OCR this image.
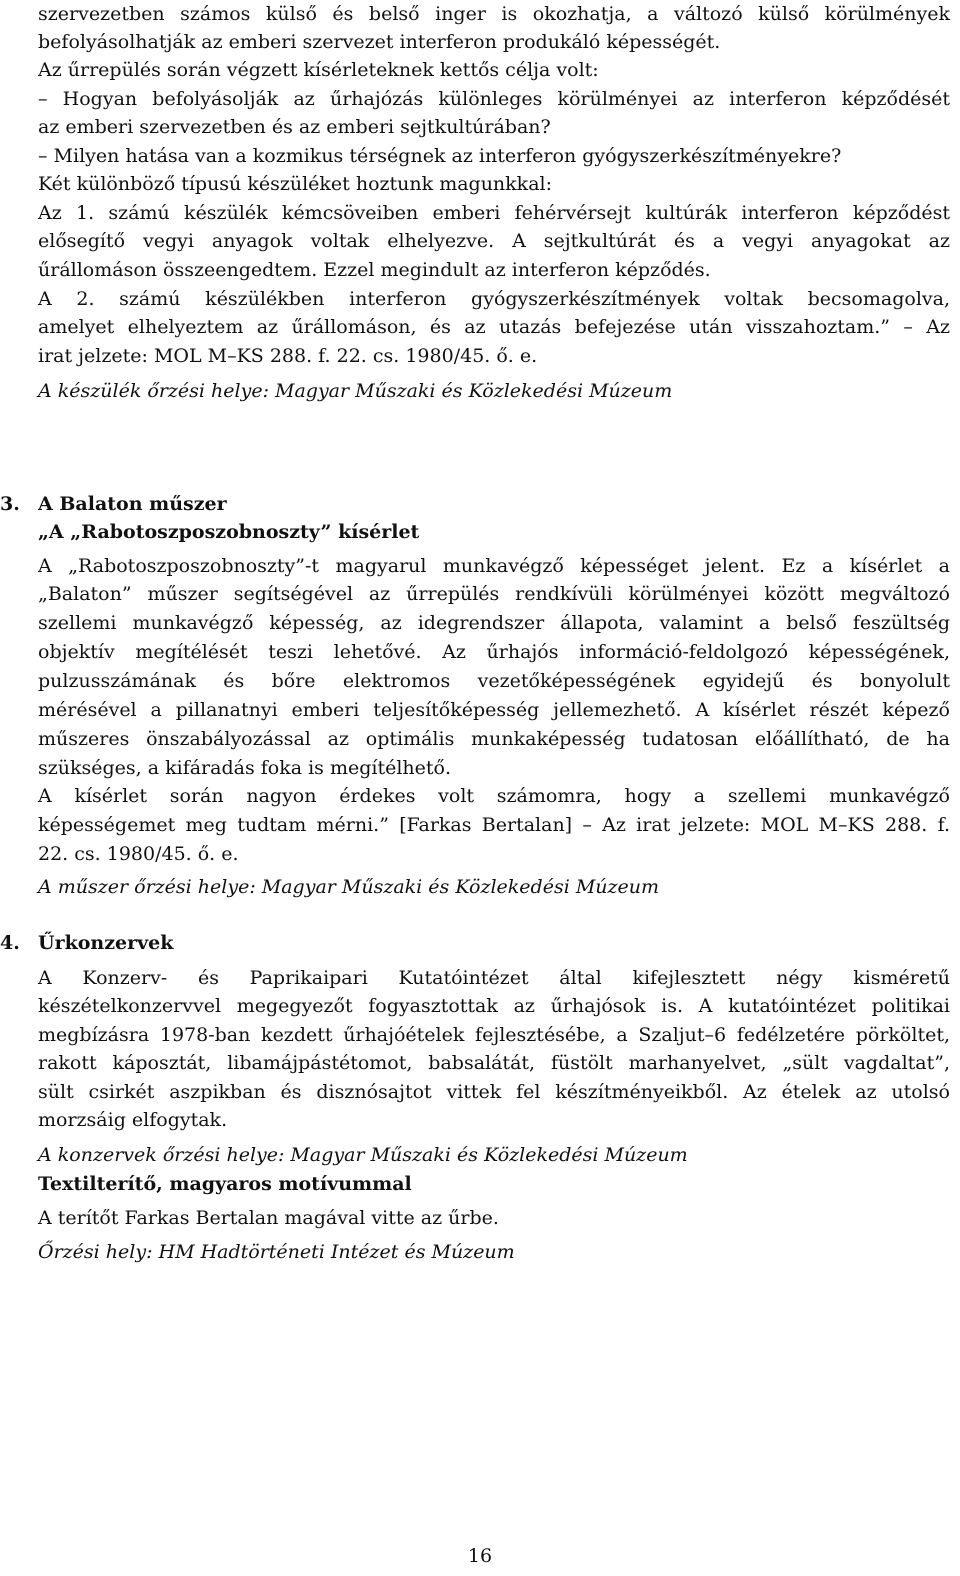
szervezetben számos külső és belső inger is okozhatja, a változó külső körülmények
befolyásolhatják az emberi szervezet interferon produkáló képességét.
Az űrrepülés során végzett kísérleteknek kettős célja volt:
– Hogyan befolyásolják az űrhajózás különleges körülményei az interferon képződését
az emberi szervezetben és az emberi sejtkultúrában?
– Milyen hatása van a kozmikus térségnek az interferon gyógyszerkészítményekre?
Két különböző típusú készüléket hoztunk magunkkal:
Az 1. számú készülék kémcsöveiben emberi fehérvérsejt kultúrák interferon képződést
elősegítő vegyi anyagok voltak elhelyezve. A sejtkultúrát és a vegyi anyagokat az
űrállomáson összeengedtem. Ezzel megindult az interferon képződés.
A 2. számú készülékben interferon gyógyszerkészítmények voltak becsomagolva,
amelyet elhelyeztem az űrállomáson, és az utazás befejezése után visszahoztam.” – Az
irat jelzete: MOL M–KS 288. f. 22. cs. 1980/45. ő. e.
A készülék őrzési helye: Magyar Műszaki és Közlekedési Múzeum
3. A Balaton műszer
„A „Rabotoszposzobnoszty” kísérlet
A „Rabotoszposzobnoszty”-t magyarul munkavégző képességet jelent. Ez a kísérlet a
„Balaton” műszer segítségével az űrrepülés rendkívüli körülményei között megváltozó
szellemi munkavégző képesség, az idegrendszer állapota, valamint a belső feszültség
objektív megítélését teszi lehetővé. Az űrhajós információ-feldolgozó képességének,
pulzusszámának és bőre elektromos vezetőképességének egyidejű és bonyolult
mérésével a pillanatnyi emberi teljesítőképesség jellemezhető. A kísérlet részét képező
műszeres önszabályozással az optimális munkaképesség tudatosan előállítható, de ha
szükséges, a kifáradás foka is megítélhető.
A kísérlet során nagyon érdekes volt számomra, hogy a szellemi munkavégző
képességemet meg tudtam mérni.” [Farkas Bertalan] – Az irat jelzete: MOL M–KS 288. f.
22. cs. 1980/45. ő. e.
A műszer őrzési helye: Magyar Műszaki és Közlekedési Múzeum
4. Űrkonzervek
A Konzerv- és Paprikaipari Kutatóintézet által kifejlesztett négy kisméretű
készételkonzervvel megegyezőt fogyasztottak az űrhajósok is. A kutatóintézet politikai
megbízásra 1978-ban kezdett űrhajóételek fejlesztésébe, a Szaljut–6 fedélzetére pörköltet,
rakott káposztát, libamájpástétomot, babsalátát, füstölt marhanyelvet, „sült vagdaltat”,
sült csirkét aszpikban és disznósajtot vittek fel készítményeikből. Az ételek az utolsó
morzsáig elfogytak.
A konzervek őrzési helye: Magyar Műszaki és Közlekedési Múzeum
Textilterítő, magyaros motívummal
A terítőt Farkas Bertalan magával vitte az űrbe.
Őrzési hely: HM Hadtörténeti Intézet és Múzeum
16
